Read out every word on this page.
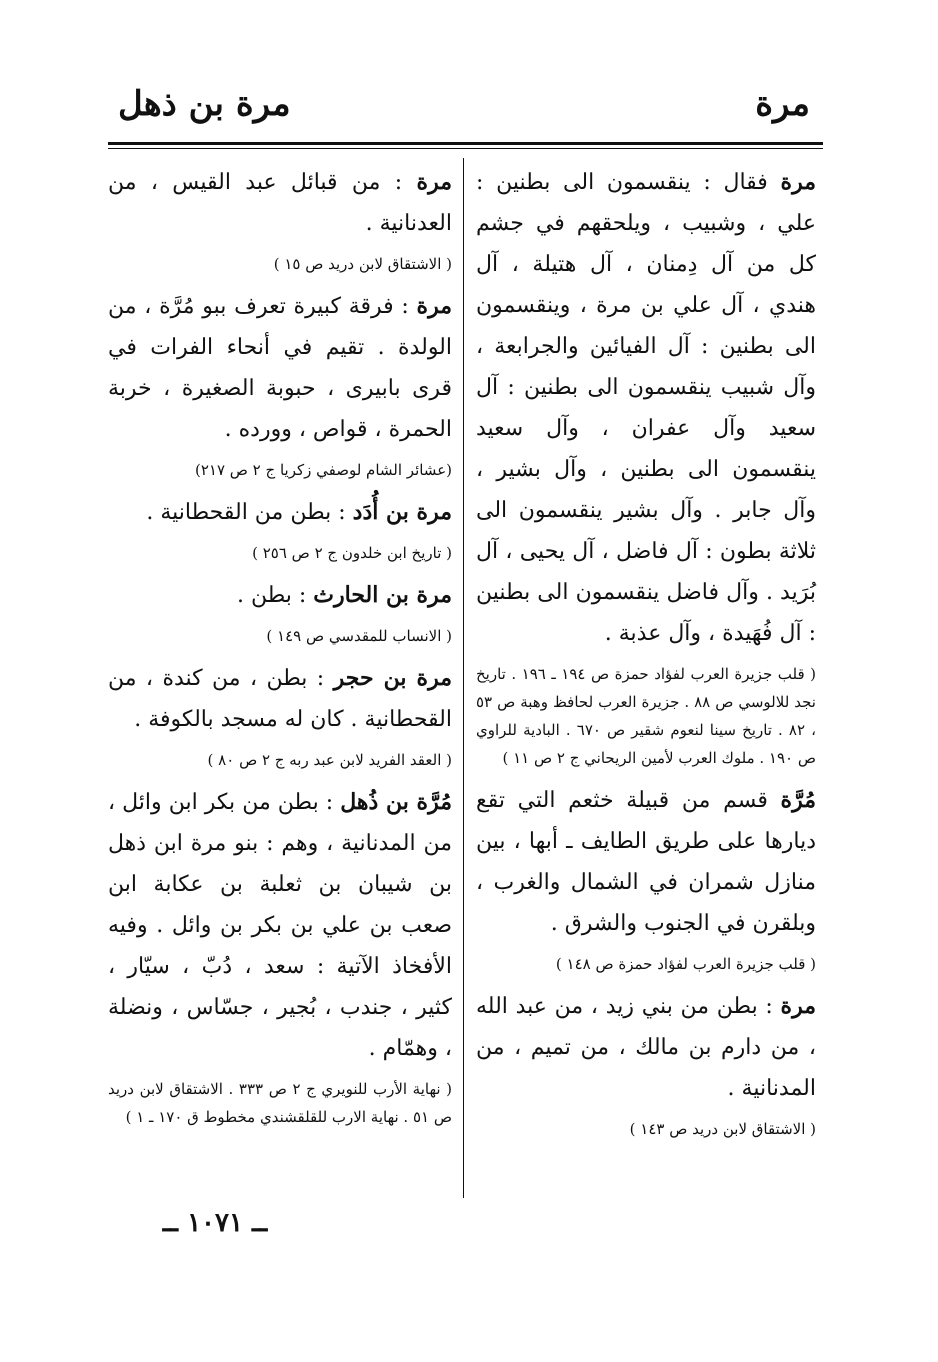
مرة
مرة بن ذهل

مرة فقال : ينقسمون الى بطنين : علي ، وشبيب ، ويلحقهم في جشم كل من آل دِمنان ، آل هتيلة ، آل هندي ، آل علي بن مرة ، وينقسمون الى بطنين : آل الفيائين والجرابعة ، وآل شبيب ينقسمون الى بطنين : آل سعيد وآل عفران ، وآل سعيد ينقسمون الى بطنين ، وآل بشير ، وآل جابر . وآل بشير ينقسمون الى ثلاثة بطون : آل فاضل ، آل يحيى ، آل بُرَيد . وآل فاضل ينقسمون الى بطنين : آل فُهَيدة ، وآل عذبة .

( قلب جزيرة العرب لفؤاد حمزة ص ١٩٤ ـ ١٩٦ . تاريخ نجد للالوسي ص ٨٨ . جزيرة العرب لحافظ وهبة ص ٥٣ ، ٨٢ . تاريخ سينا لنعوم شقير ص ٦٧٠ . البادية للراوي ص ١٩٠ . ملوك العرب لأمين الريحاني ج ٢ ص ١١ )

مُرَّة قسم من قبيلة خثعم التي تقع ديارها على طريق الطايف ـ أبها ، بين منازل شمران في الشمال والغرب ، وبلقرن في الجنوب والشرق .

( قلب جزيرة العرب لفؤاد حمزة ص ١٤٨ )

مرة : بطن من بني زيد ، من عبد الله ، من دارم بن مالك ، من تميم ، من المدنانية .

( الاشتقاق لابن دريد ص ١٤٣ )

مرة : من قبائل عبد القيس ، من العدنانية .

( الاشتقاق لابن دريد ص ١٥ )

مرة : فرقة كبيرة تعرف ببو مُرَّة ، من الولدة . تقيم في أنحاء الفرات في قرى بابيرى ، حبوبة الصغيرة ، خربة الحمرة ، قواص ، وورده .

(عشائر الشام لوصفي زكريا ج ٢ ص ٢١٧)

مرة بن أُدَد : بطن من القحطانية .

( تاريخ ابن خلدون ج ٢ ص ٢٥٦ )

مرة بن الحارث : بطن .

( الانساب للمقدسي ص ١٤٩ )

مرة بن حجر : بطن ، من كندة ، من القحطانية . كان له مسجد بالكوفة .

( العقد الفريد لابن عبد ربه ج ٢ ص ٨٠ )

مُرَّة بن ذُهل : بطن من بكر ابن وائل ، من المدنانية ، وهم : بنو مرة ابن ذهل بن شيبان بن ثعلبة بن عكابة ابن صعب بن علي بن بكر بن وائل . وفيه الأفخاذ الآتية : سعد ، دُبّ ، سيّار ، كثير ، جندب ، بُجير ، جسّاس ، ونضلة ، وهمّام .

( نهاية الأرب للنويري ج ٢ ص ٣٣٣ . الاشتقاق لابن دريد ص ٥١ . نهاية الارب للقلقشندي مخطوط ق ١٧٠ ـ ١ )

ــ ١٠٧١ ــ
